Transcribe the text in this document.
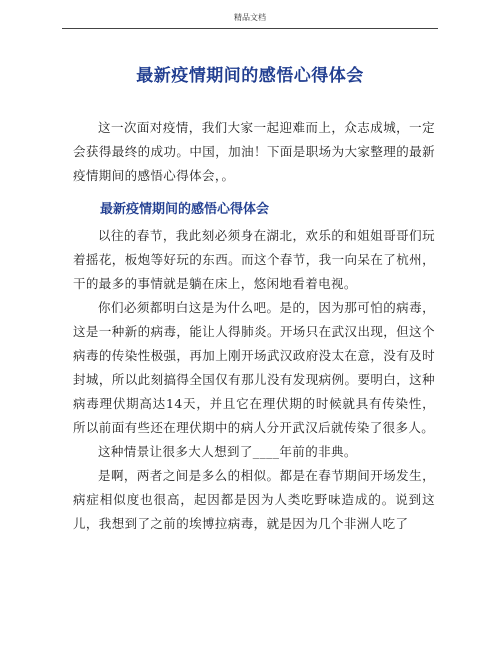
精品文档
最新疫情期间的感悟心得体会

这一次面对疫情，我们大家一起迎难而上，众志成城，一定会获得最终的成功。中国，加油！下面是职场为大家整理的最新疫情期间的感悟心得体会，。

最新疫情期间的感悟心得体会

以往的春节，我此刻必须身在湖北，欢乐的和姐姐哥哥们玩着摇花，板炮等好玩的东西。而这个春节，我一向呆在了杭州，干的最多的事情就是躺在床上，悠闲地看着电视。

你们必须都明白这是为什么吧。是的，因为那可怕的病毒，这是一种新的病毒，能让人得肺炎。开场只在武汉出现，但这个病毒的传染性极强，再加上刚开场武汉政府没太在意，没有及时封城，所以此刻搞得全国仅有那儿没有发现病例。要明白，这种病毒理伏期高达14天，并且它在理伏期的时候就具有传染性，所以前面有些还在理伏期中的病人分开武汉后就传染了很多人。

这种情景让很多大人想到了____年前的非典。

是啊，两者之间是多么的相似。都是在春节期间开场发生，病症相似度也很高，起因都是因为人类吃野味造成的。说到这儿，我想到了之前的埃博拉病毒，就是因为几个非洲人吃了
